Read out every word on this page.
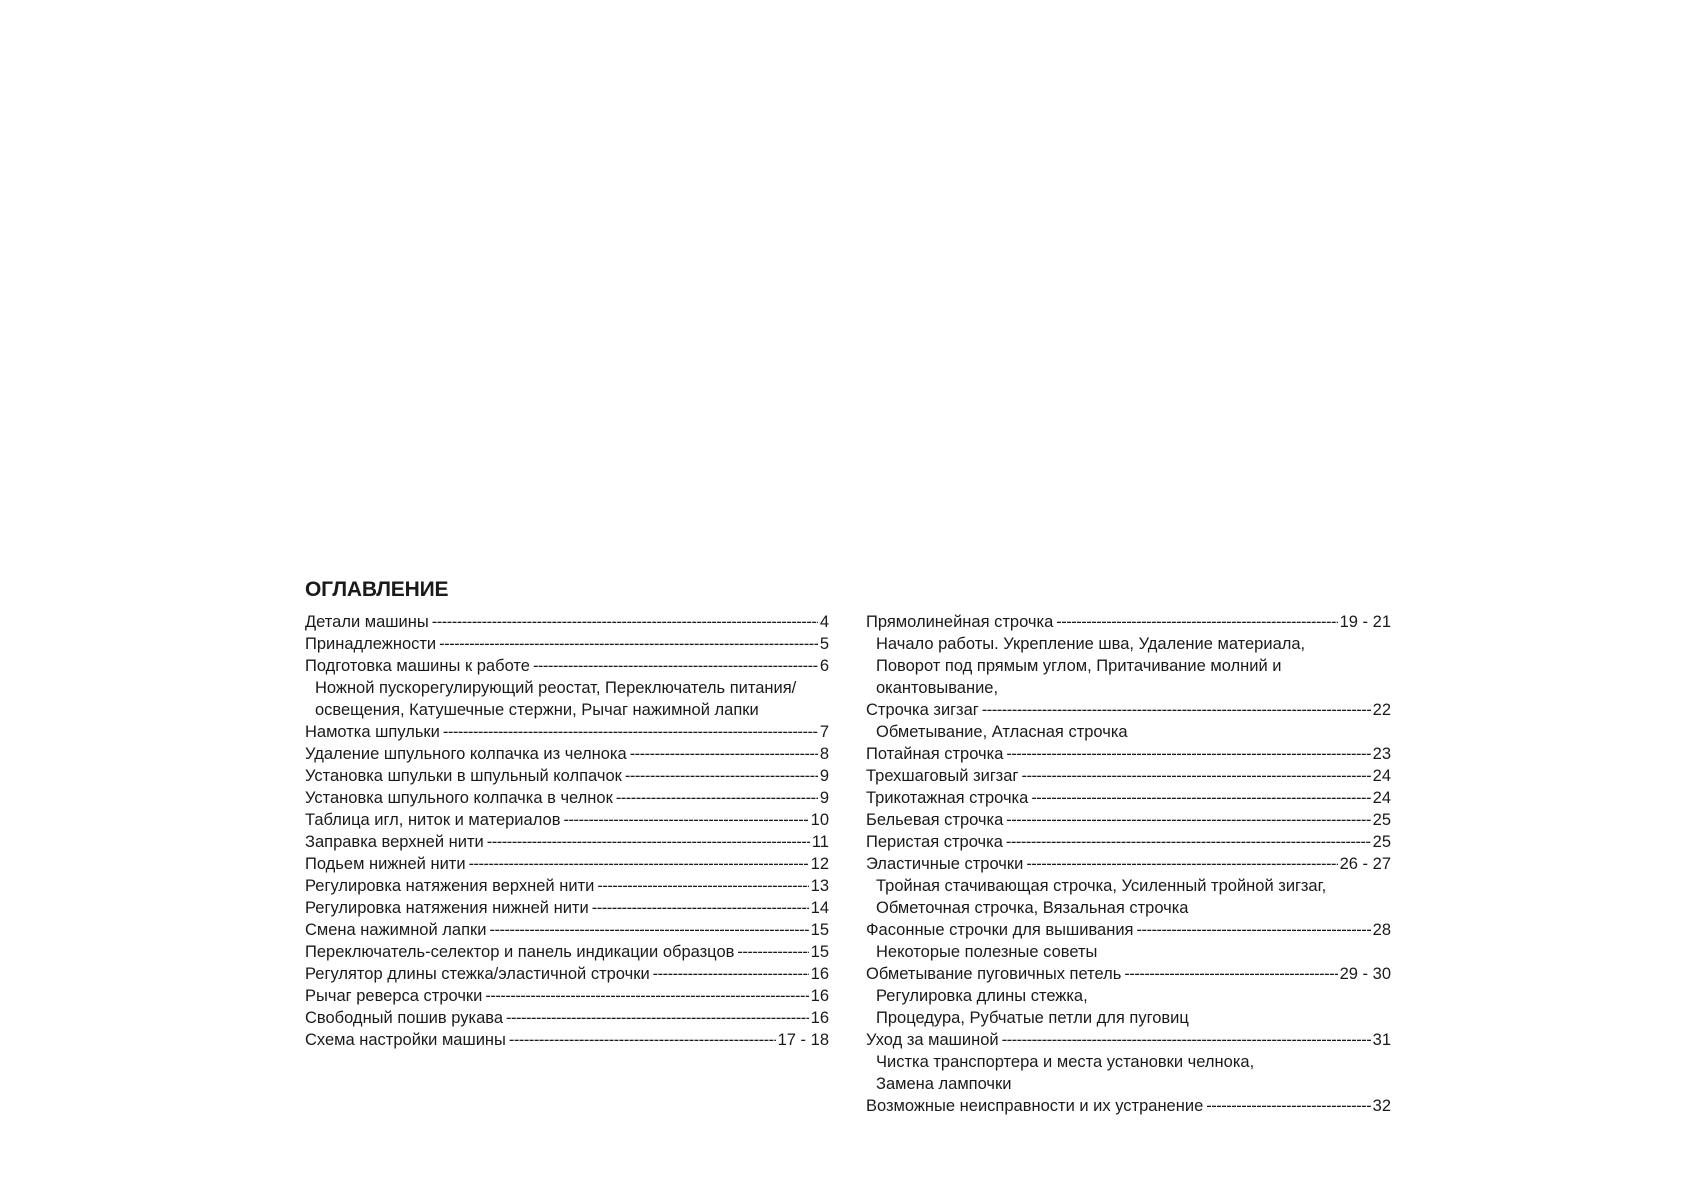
ОГЛАВЛЕНИЕ
Детали машины -----	4
Принадлежности -----	5
Подготовка машины к работе -----	6
Ножной пускорегулирующий реостат, Переключатель питания/
освещения, Катушечные стержни, Рычаг нажимной лапки
Намотка шпульки -----	7
Удаление шпульного колпачка из челнока -----	8
Установка шпульки в шпульный колпачок -----	9
Установка шпульного колпачка в челнок -----	9
Таблица игл, ниток и материалов -----	10
Заправка верхней нити -----	11
Подьем нижней нити -----	12
Регулировка натяжения верхней нити -----	13
Регулировка натяжения нижней нити -----	14
Смена нажимной лапки -----	15
Переключатель-селектор и панель индикации образцов -----	15
Регулятор длины стежка/эластичной строчки -----	16
Рычаг реверса строчки -----	16
Свободный пошив рукава -----	16
Схема настройки машины -----	17 - 18
Прямолинейная строчка -----	19 - 21
Начало работы. Укрепление шва, Удаление материала,
Поворот под прямым углом, Притачивание молний и
окантовывание,
Строчка зигзаг -----	22
Обметывание, Атласная строчка
Потайная строчка -----	23
Трехшаговый зигзаг -----	24
Трикотажная строчка -----	24
Бельевая строчка -----	25
Перистая строчка -----	25
Эластичные строчки -----	26 - 27
Тройная стачивающая строчка, Усиленный тройной зигзаг,
Обметочная строчка, Вязальная строчка
Фасонные строчки для вышивания -----	28
Некоторые полезные советы
Обметывание пуговичных петель -----	29 - 30
Регулировка длины стежка,
Процедура, Рубчатые петли для пуговиц
Уход за машиной -----	31
Чистка транспортера и места установки челнока,
Замена лампочки
Возможные неисправности и их устранение -----	32
